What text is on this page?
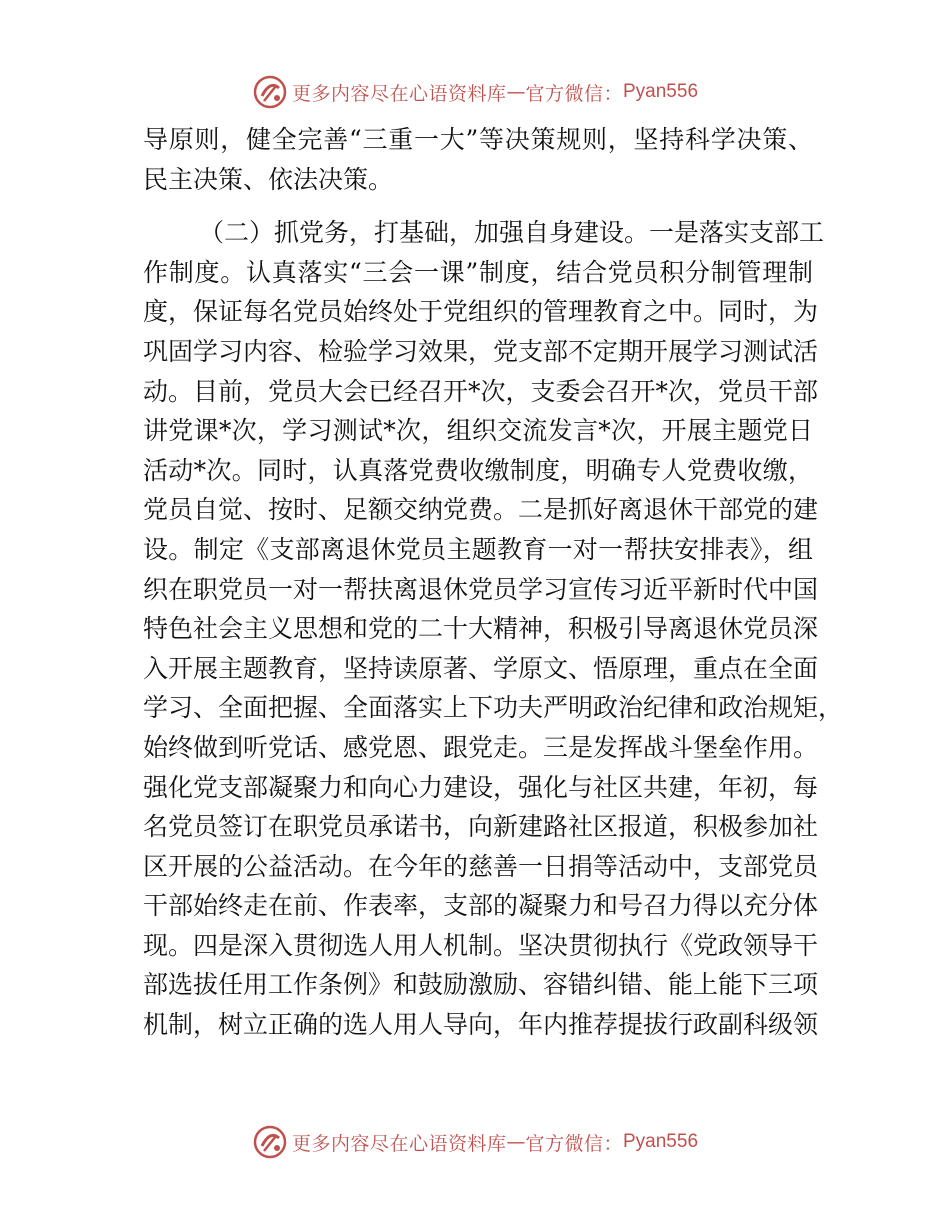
更多内容尽在心语资料库 — 官方微信： Pyan556
导原则，健全完善“三重一大”等决策规则，坚持科学决策、
民主决策、依法决策。
（二）抓党务，打基础，加强自身建设。一是落实支部工
作制度。认真落实“三会一课”制度，结合党员积分制管理制
度，保证每名党员始终处于党组织的管理教育之中。同时，为
巩固学习内容、检验学习效果，党支部不定期开展学习测试活
动。目前，党员大会已经召开*次，支委会召开*次，党员干部
讲党课*次，学习测试*次，组织交流发言*次，开展主题党日
活动*次。同时，认真落党费收缴制度，明确专人党费收缴，
党员自觉、按时、足额交纳党费。二是抓好离退休干部党的建
设。制定《支部离退休党员主题教育一对一帮扶安排表》，组
织在职党员一对一帮扶离退休党员学习宣传习近平新时代中国
特色社会主义思想和党的二十大精神，积极引导离退休党员深
入开展主题教育，坚持读原著、学原文、悟原理，重点在全面
学习、全面把握、全面落实上下功夫严明政治纪律和政治规矩，
始终做到听党话、感党恩、跟党走。三是发挥战斗堡垒作用。
强化党支部凝聚力和向心力建设，强化与社区共建，年初，每
名党员签订在职党员承诺书，向新建路社区报道，积极参加社
区开展的公益活动。在今年的慈善一日捐等活动中，支部党员
干部始终走在前、作表率，支部的凝聚力和号召力得以充分体
现。四是深入贯彻选人用人机制。坚决贯彻执行《党政领导干
部选拔任用工作条例》和鼓励激励、容错纠错、能上能下三项
机制，树立正确的选人用人导向，年内推荐提拔行政副科级领
更多内容尽在心语资料库 — 官方微信： Pyan556
